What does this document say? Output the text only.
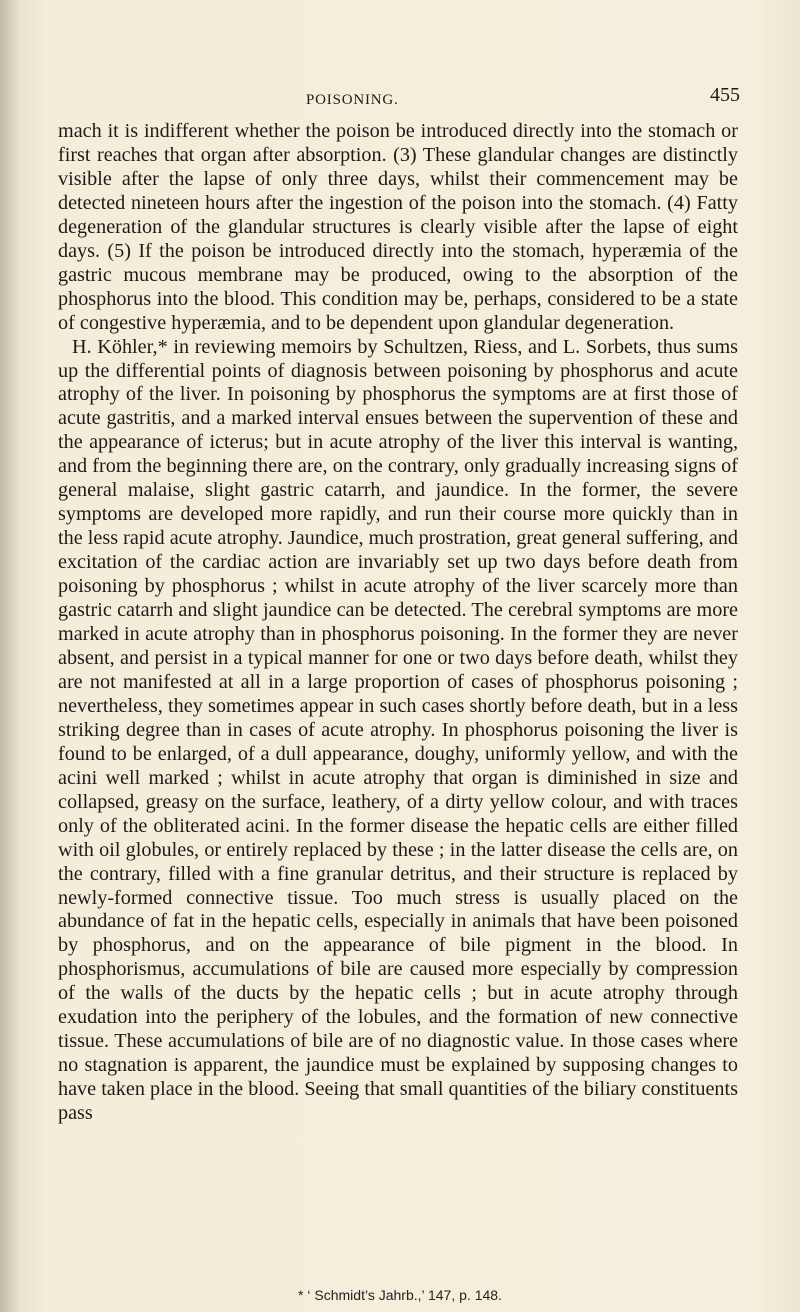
POISONING.	455

mach it is indifferent whether the poison be introduced directly into the stomach or first reaches that organ after absorption. (3) These glandular changes are distinctly visible after the lapse of only three days, whilst their commencement may be detected nineteen hours after the ingestion of the poison into the stomach. (4) Fatty degeneration of the glandular structures is clearly visible after the lapse of eight days. (5) If the poison be introduced directly into the stomach, hyperæmia of the gastric mucous membrane may be produced, owing to the absorption of the phosphorus into the blood. This condition may be, perhaps, considered to be a state of congestive hyperæmia, and to be dependent upon glandular degeneration.

H. Köhler,* in reviewing memoirs by Schultzen, Riess, and L. Sorbets, thus sums up the differential points of diagnosis between poisoning by phosphorus and acute atrophy of the liver. In poisoning by phosphorus the symptoms are at first those of acute gastritis, and a marked interval ensues between the supervention of these and the appearance of icterus; but in acute atrophy of the liver this interval is wanting, and from the beginning there are, on the contrary, only gradually increasing signs of general malaise, slight gastric catarrh, and jaundice. In the former, the severe symptoms are developed more rapidly, and run their course more quickly than in the less rapid acute atrophy. Jaundice, much prostration, great general suffering, and excitation of the cardiac action are invariably set up two days before death from poisoning by phosphorus ; whilst in acute atrophy of the liver scarcely more than gastric catarrh and slight jaundice can be detected. The cerebral symptoms are more marked in acute atrophy than in phosphorus poisoning. In the former they are never absent, and persist in a typical manner for one or two days before death, whilst they are not manifested at all in a large proportion of cases of phosphorus poisoning ; nevertheless, they sometimes appear in such cases shortly before death, but in a less striking degree than in cases of acute atrophy. In phosphorus poisoning the liver is found to be enlarged, of a dull appearance, doughy, uniformly yellow, and with the acini well marked ; whilst in acute atrophy that organ is diminished in size and collapsed, greasy on the surface, leathery, of a dirty yellow colour, and with traces only of the obliterated acini. In the former disease the hepatic cells are either filled with oil globules, or entirely replaced by these ; in the latter disease the cells are, on the contrary, filled with a fine granular detritus, and their structure is replaced by newly-formed connective tissue. Too much stress is usually placed on the abundance of fat in the hepatic cells, especially in animals that have been poisoned by phosphorus, and on the appearance of bile pigment in the blood. In phosphorismus, accumulations of bile are caused more especially by compression of the walls of the ducts by the hepatic cells ; but in acute atrophy through exudation into the periphery of the lobules, and the formation of new connective tissue. These accumulations of bile are of no diagnostic value. In those cases where no stagnation is apparent, the jaundice must be explained by supposing changes to have taken place in the blood. Seeing that small quantities of the biliary constituents pass

* ‘ Schmidt’s Jahrb.,’ 147, p. 148.
